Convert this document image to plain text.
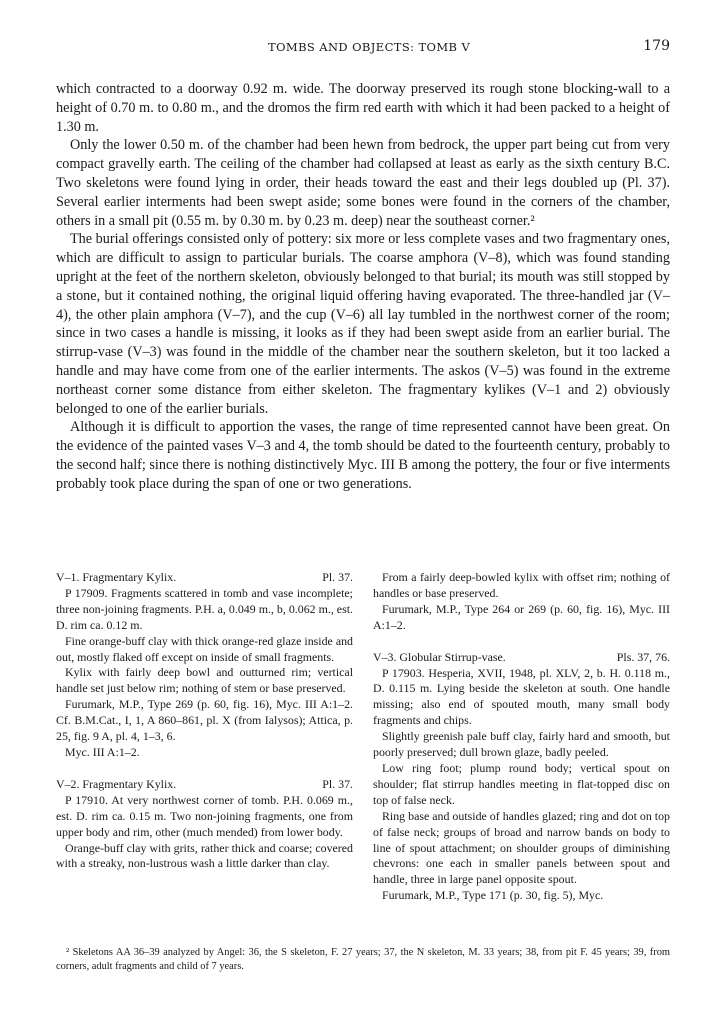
TOMBS AND OBJECTS: TOMB V	179

which contracted to a doorway 0.92 m. wide. The doorway preserved its rough stone blocking-wall to a height of 0.70 m. to 0.80 m., and the dromos the firm red earth with which it had been packed to a height of 1.30 m.

Only the lower 0.50 m. of the chamber had been hewn from bedrock, the upper part being cut from very compact gravelly earth. The ceiling of the chamber had collapsed at least as early as the sixth century B.C. Two skeletons were found lying in order, their heads toward the east and their legs doubled up (Pl. 37). Several earlier interments had been swept aside; some bones were found in the corners of the chamber, others in a small pit (0.55 m. by 0.30 m. by 0.23 m. deep) near the southeast corner.²

The burial offerings consisted only of pottery: six more or less complete vases and two fragmentary ones, which are difficult to assign to particular burials. The coarse amphora (V–8), which was found standing upright at the feet of the northern skeleton, obviously belonged to that burial; its mouth was still stopped by a stone, but it contained nothing, the original liquid offering having evaporated. The three-handled jar (V–4), the other plain amphora (V–7), and the cup (V–6) all lay tumbled in the northwest corner of the room; since in two cases a handle is missing, it looks as if they had been swept aside from an earlier burial. The stirrup-vase (V–3) was found in the middle of the chamber near the southern skeleton, but it too lacked a handle and may have come from one of the earlier interments. The askos (V–5) was found in the extreme northeast corner some distance from either skeleton. The fragmentary kylikes (V–1 and 2) obviously belonged to one of the earlier burials.

Although it is difficult to apportion the vases, the range of time represented cannot have been great. On the evidence of the painted vases V–3 and 4, the tomb should be dated to the fourteenth century, probably to the second half; since there is nothing distinctively Myc. III B among the pottery, the four or five interments probably took place during the span of one or two generations.

V–1. Fragmentary Kylix.	Pl. 37.

P 17909. Fragments scattered in tomb and vase incomplete; three non-joining fragments. P.H. a, 0.049 m., b, 0.062 m., est. D. rim ca. 0.12 m.

Fine orange-buff clay with thick orange-red glaze inside and out, mostly flaked off except on inside of small fragments.

Kylix with fairly deep bowl and outturned rim; vertical handle set just below rim; nothing of stem or base preserved.

Furumark, M.P., Type 269 (p. 60, fig. 16), Myc. III A:1–2. Cf. B.M.Cat., I, 1, A 860–861, pl. X (from Ialysos); Attica, p. 25, fig. 9 A, pl. 4, 1–3, 6.

Myc. III A:1–2.

V–2. Fragmentary Kylix.	Pl. 37.

P 17910. At very northwest corner of tomb. P.H. 0.069 m., est. D. rim ca. 0.15 m. Two non-joining fragments, one from upper body and rim, other (much mended) from lower body.

Orange-buff clay with grits, rather thick and coarse; covered with a streaky, non-lustrous wash a little darker than clay.

From a fairly deep-bowled kylix with offset rim; nothing of handles or base preserved.

Furumark, M.P., Type 264 or 269 (p. 60, fig. 16), Myc. III A:1–2.

V–3. Globular Stirrup-vase.	Pls. 37, 76.

P 17903. Hesperia, XVII, 1948, pl. XLV, 2, b. H. 0.118 m., D. 0.115 m. Lying beside the skeleton at south. One handle missing; also end of spouted mouth, many small body fragments and chips.

Slightly greenish pale buff clay, fairly hard and smooth, but poorly preserved; dull brown glaze, badly peeled.

Low ring foot; plump round body; vertical spout on shoulder; flat stirrup handles meeting in flat-topped disc on top of false neck.

Ring base and outside of handles glazed; ring and dot on top of false neck; groups of broad and narrow bands on body to line of spout attachment; on shoulder groups of diminishing chevrons: one each in smaller panels between spout and handle, three in large panel opposite spout.

Furumark, M.P., Type 171 (p. 30, fig. 5), Myc.

² Skeletons AA 36–39 analyzed by Angel: 36, the S skeleton, F. 27 years; 37, the N skeleton, M. 33 years; 38, from pit F. 45 years; 39, from corners, adult fragments and child of 7 years.
